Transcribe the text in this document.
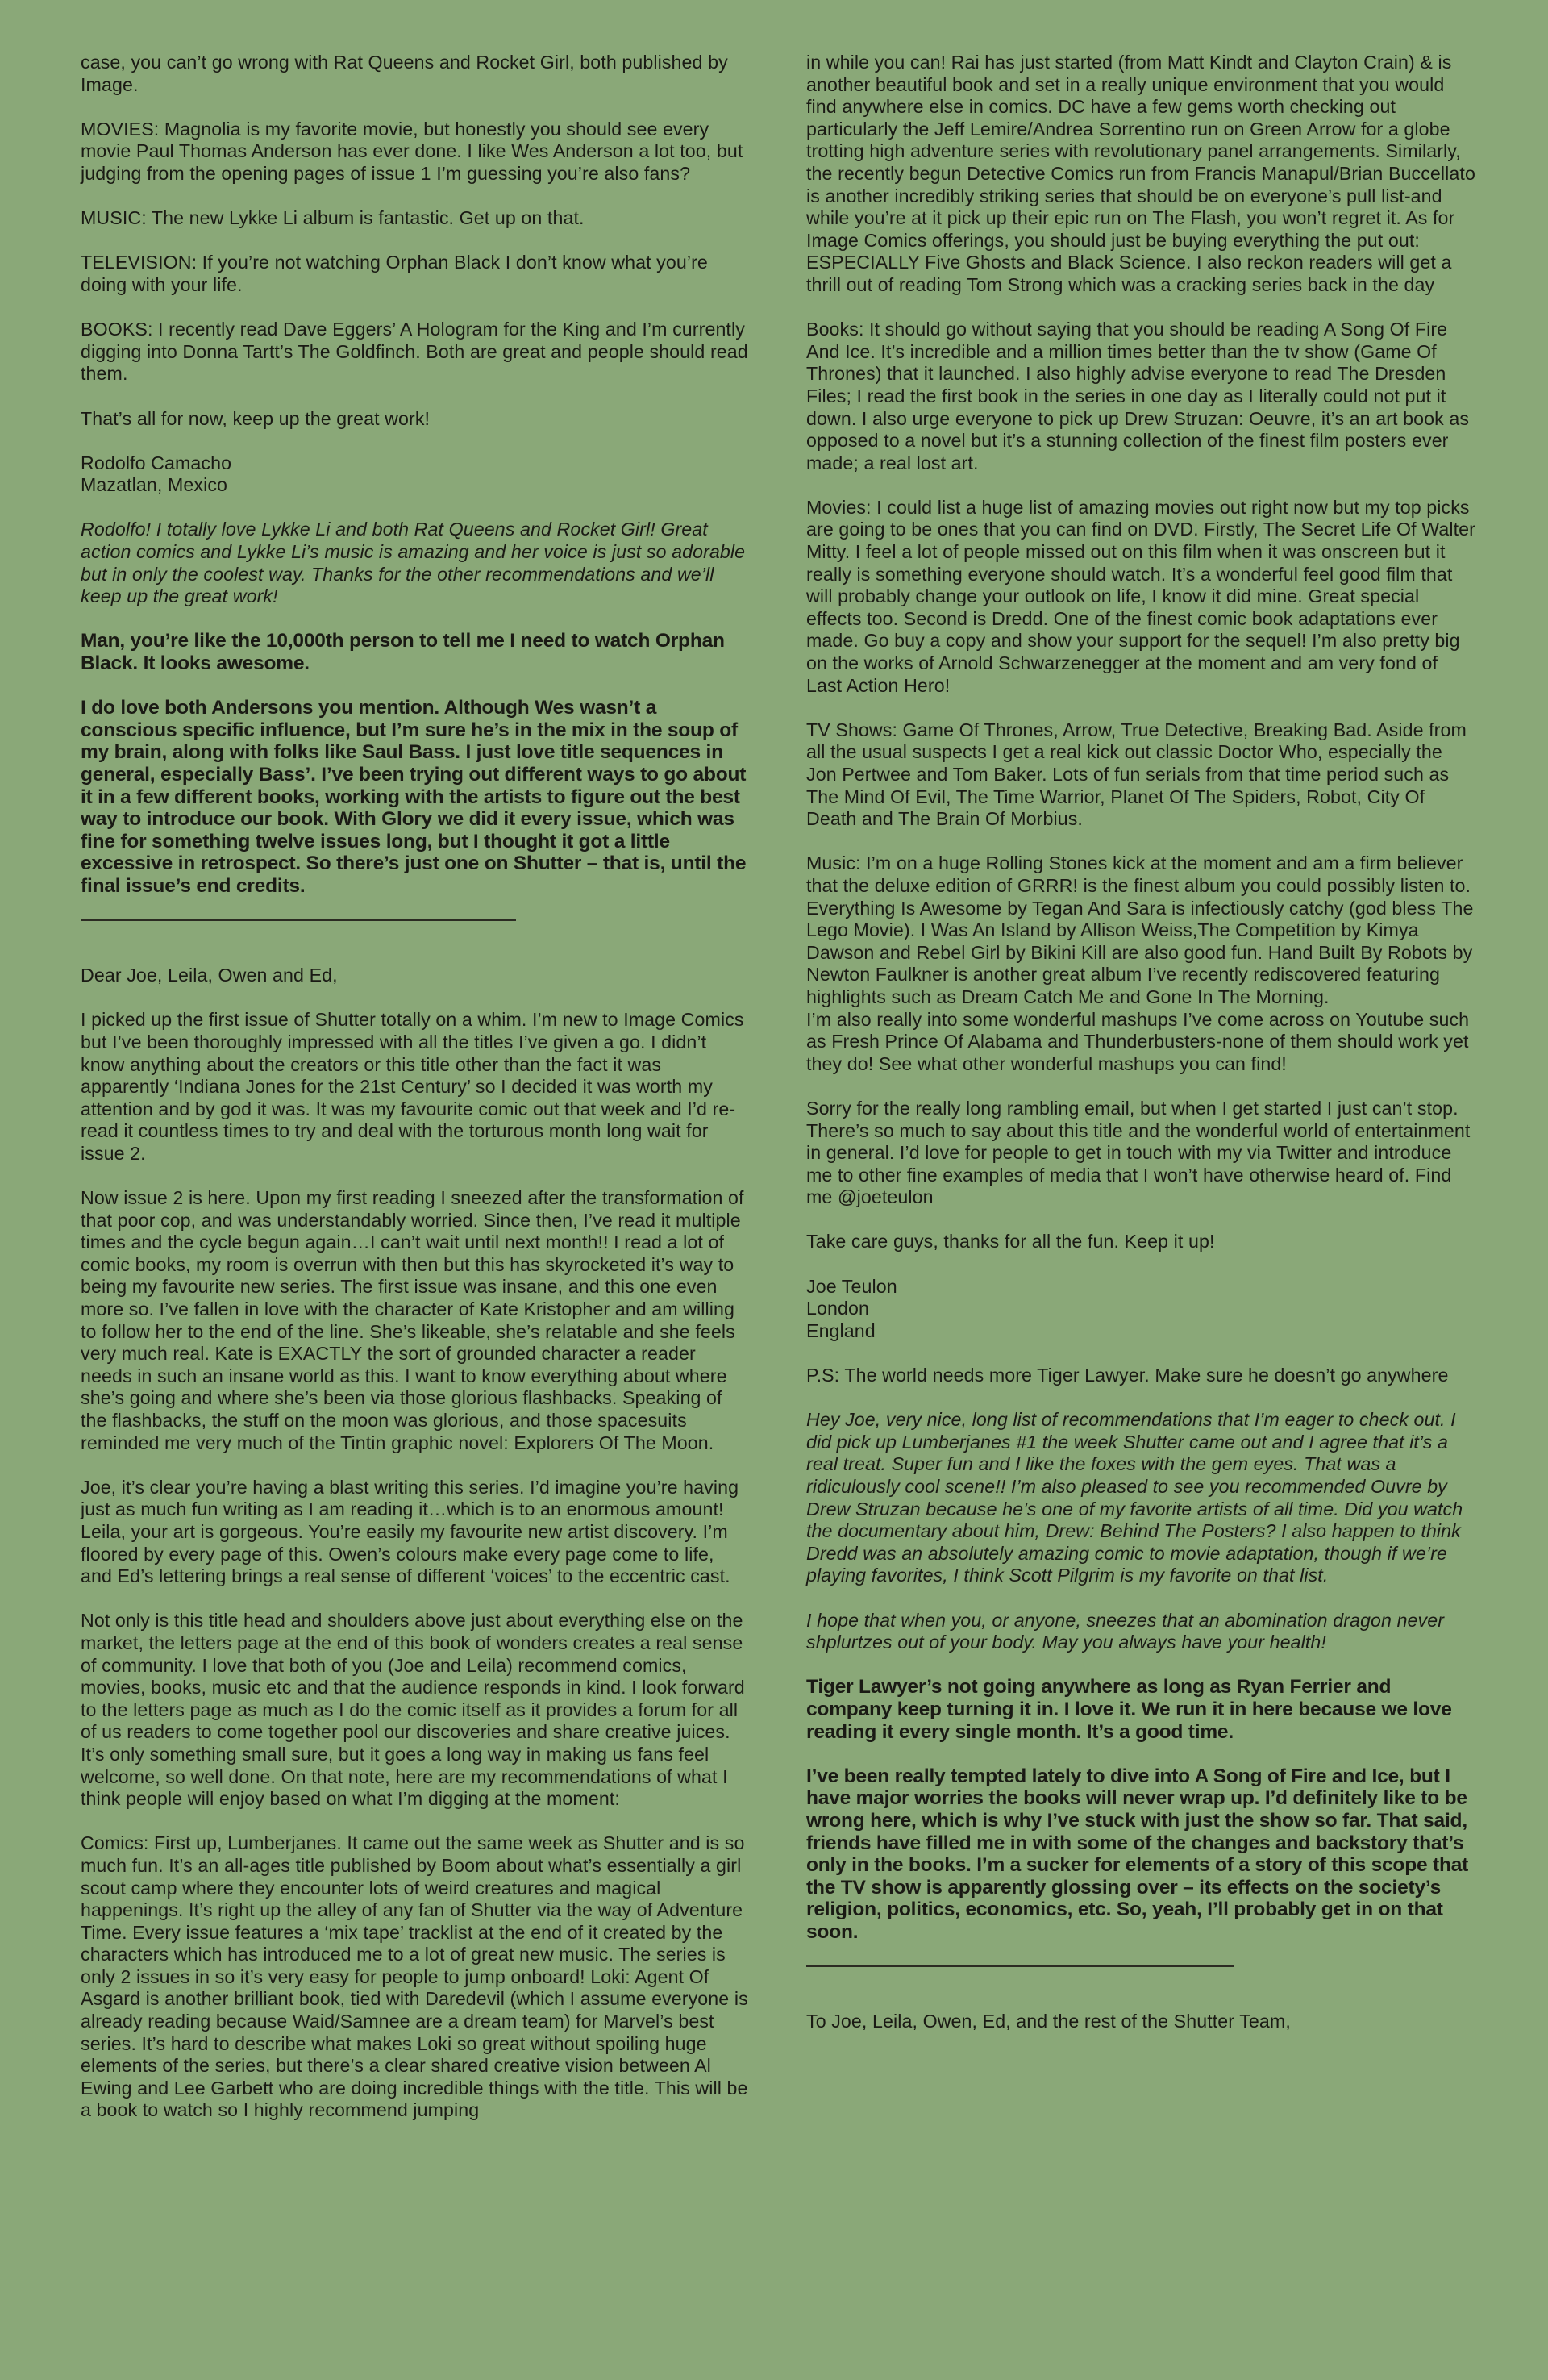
case, you can’t go wrong with Rat Queens and Rocket Girl, both published by Image.

MOVIES: Magnolia is my favorite movie, but honestly you should see every movie Paul Thomas Anderson has ever done. I like Wes Anderson a lot too, but judging from the opening pages of issue 1 I’m guessing you’re also fans?

MUSIC: The new Lykke Li album is fantastic. Get up on that.

TELEVISION: If you’re not watching Orphan Black I don’t know what you’re doing with your life.

BOOKS: I recently read Dave Eggers’ A Hologram for the King and I’m currently digging into Donna Tartt’s The Goldfinch. Both are great and people should read them.

That’s all for now, keep up the great work!

Rodolfo Camacho
Mazatlan, Mexico

Rodolfo! I totally love Lykke Li and both Rat Queens and Rocket Girl! Great action comics and Lykke Li’s music is amazing and her voice is just so adorable but in only the coolest way. Thanks for the other recommendations and we’ll keep up the great work!

Man, you’re like the 10,000th person to tell me I need to watch Orphan Black. It looks awesome.

I do love both Andersons you mention. Although Wes wasn’t a conscious specific influence, but I’m sure he’s in the mix in the soup of my brain, along with folks like Saul Bass. I just love title sequences in general, especially Bass’. I’ve been trying out different ways to go about it in a few different books, working with the artists to figure out the best way to introduce our book. With Glory we did it every issue, which was fine for something twelve issues long, but I thought it got a little excessive in retrospect. So there’s just one on Shutter – that is, until the final issue’s end credits.

Dear Joe, Leila, Owen and Ed,

I picked up the first issue of Shutter totally on a whim. I’m new to Image Comics but I’ve been thoroughly impressed with all the titles I’ve given a go. I didn’t know anything about the creators or this title other than the fact it was apparently ‘Indiana Jones for the 21st Century’ so I decided it was worth my attention and by god it was. It was my favourite comic out that week and I’d re-read it countless times to try and deal with the torturous month long wait for issue 2.

Now issue 2 is here. Upon my first reading I sneezed after the transformation of that poor cop, and was understandably worried. Since then, I’ve read it multiple times and the cycle begun again…I can’t wait until next month!! I read a lot of comic books, my room is overrun with then but this has skyrocketed it’s way to being my favourite new series. The first issue was insane, and this one even more so. I’ve fallen in love with the character of Kate Kristopher and am willing to follow her to the end of the line. She’s likeable, she’s relatable and she feels very much real. Kate is EXACTLY the sort of grounded character a reader needs in such an insane world as this. I want to know everything about where she’s going and where she’s been via those glorious flashbacks. Speaking of the flashbacks, the stuff on the moon was glorious, and those spacesuits reminded me very much of the Tintin graphic novel: Explorers Of The Moon.

Joe, it’s clear you’re having a blast writing this series. I’d imagine you’re having just as much fun writing as I am reading it…which is to an enormous amount! Leila, your art is gorgeous. You’re easily my favourite new artist discovery. I’m floored by every page of this. Owen’s colours make every page come to life, and Ed’s lettering brings a real sense of different ‘voices’ to the eccentric cast.

Not only is this title head and shoulders above just about everything else on the market, the letters page at the end of this book of wonders creates a real sense of community. I love that both of you (Joe and Leila) recommend comics, movies, books, music etc and that the audience responds in kind. I look forward to the letters page as much as I do the comic itself as it provides a forum for all of us readers to come together pool our discoveries and share creative juices. It’s only something small sure, but it goes a long way in making us fans feel welcome, so well done. On that note, here are my recommendations of what I think people will enjoy based on what I’m digging at the moment:

Comics: First up, Lumberjanes. It came out the same week as Shutter and is so much fun. It’s an all-ages title published by Boom about what’s essentially a girl scout camp where they encounter lots of weird creatures and magical happenings. It’s right up the alley of any fan of Shutter via the way of Adventure Time. Every issue features a ‘mix tape’ tracklist at the end of it created by the characters which has introduced me to a lot of great new music. The series is only 2 issues in so it’s very easy for people to jump onboard! Loki: Agent Of Asgard is another brilliant book, tied with Daredevil (which I assume everyone is already reading because Waid/Samnee are a dream team) for Marvel’s best series. It’s hard to describe what makes Loki so great without spoiling huge elements of the series, but there’s a clear shared creative vision between Al Ewing and Lee Garbett who are doing incredible things with the title. This will be a book to watch so I highly recommend jumping

in while you can! Rai has just started (from Matt Kindt and Clayton Crain) & is another beautiful book and set in a really unique environment that you would find anywhere else in comics. DC have a few gems worth checking out particularly the Jeff Lemire/Andrea Sorrentino run on Green Arrow for a globe trotting high adventure series with revolutionary panel arrangements. Similarly, the recently begun Detective Comics run from Francis Manapul/Brian Buccellato is another incredibly striking series that should be on everyone’s pull list-and while you’re at it pick up their epic run on The Flash, you won’t regret it. As for Image Comics offerings, you should just be buying everything the put out: ESPECIALLY Five Ghosts and Black Science. I also reckon readers will get a thrill out of reading Tom Strong which was a cracking series back in the day

Books: It should go without saying that you should be reading A Song Of Fire And Ice. It’s incredible and a million times better than the tv show (Game Of Thrones) that it launched. I also highly advise everyone to read The Dresden Files; I read the first book in the series in one day as I literally could not put it down. I also urge everyone to pick up Drew Struzan: Oeuvre, it’s an art book as opposed to a novel but it’s a stunning collection of the finest film posters ever made; a real lost art.

Movies: I could list a huge list of amazing movies out right now but my top picks are going to be ones that you can find on DVD. Firstly, The Secret Life Of Walter Mitty. I feel a lot of people missed out on this film when it was onscreen but it really is something everyone should watch. It’s a wonderful feel good film that will probably change your outlook on life, I know it did mine. Great special effects too. Second is Dredd. One of the finest comic book adaptations ever made. Go buy a copy and show your support for the sequel! I’m also pretty big on the works of Arnold Schwarzenegger at the moment and am very fond of Last Action Hero!

TV Shows: Game Of Thrones, Arrow, True Detective, Breaking Bad. Aside from all the usual suspects I get a real kick out classic Doctor Who, especially the Jon Pertwee and Tom Baker. Lots of fun serials from that time period such as The Mind Of Evil, The Time Warrior, Planet Of The Spiders, Robot, City Of Death and The Brain Of Morbius.

Music: I’m on a huge Rolling Stones kick at the moment and am a firm believer that the deluxe edition of GRRR! is the finest album you could possibly listen to. Everything Is Awesome by Tegan And Sara is infectiously catchy (god bless The Lego Movie). I Was An Island by Allison Weiss,The Competition by Kimya Dawson and Rebel Girl by Bikini Kill are also good fun. Hand Built By Robots by Newton Faulkner is another great album I’ve recently rediscovered featuring highlights such as Dream Catch Me and Gone In The Morning.
I’m also really into some wonderful mashups I’ve come across on Youtube such as Fresh Prince Of Alabama and Thunderbusters-none of them should work yet they do! See what other wonderful mashups you can find!

Sorry for the really long rambling email, but when I get started I just can’t stop. There’s so much to say about this title and the wonderful world of entertainment in general. I’d love for people to get in touch with my via Twitter and introduce me to other fine examples of media that I won’t have otherwise heard of. Find me @joeteulon

Take care guys, thanks for all the fun. Keep it up!

Joe Teulon
London
England

P.S: The world needs more Tiger Lawyer. Make sure he doesn’t go anywhere

Hey Joe, very nice, long list of recommendations that I’m eager to check out. I did pick up Lumberjanes #1 the week Shutter came out and I agree that it’s a real treat. Super fun and I like the foxes with the gem eyes. That was a ridiculously cool scene!! I’m also pleased to see you recommended Ouvre by Drew Struzan because he’s one of my favorite artists of all time. Did you watch the documentary about him, Drew: Behind The Posters? I also happen to think Dredd was an absolutely amazing comic to movie adaptation, though if we’re playing favorites, I think Scott Pilgrim is my favorite on that list.

I hope that when you, or anyone, sneezes that an abomination dragon never shplurtzes out of your body. May you always have your health!

Tiger Lawyer’s not going anywhere as long as Ryan Ferrier and company keep turning it in. I love it. We run it in here because we love reading it every single month. It’s a good time.

I’ve been really tempted lately to dive into A Song of Fire and Ice, but I have major worries the books will never wrap up. I’d definitely like to be wrong here, which is why I’ve stuck with just the show so far. That said, friends have filled me in with some of the changes and backstory that’s only in the books. I’m a sucker for elements of a story of this scope that the TV show is apparently glossing over – its effects on the society’s religion, politics, economics, etc. So, yeah, I’ll probably get in on that soon.

To Joe, Leila, Owen, Ed, and the rest of the Shutter Team,
